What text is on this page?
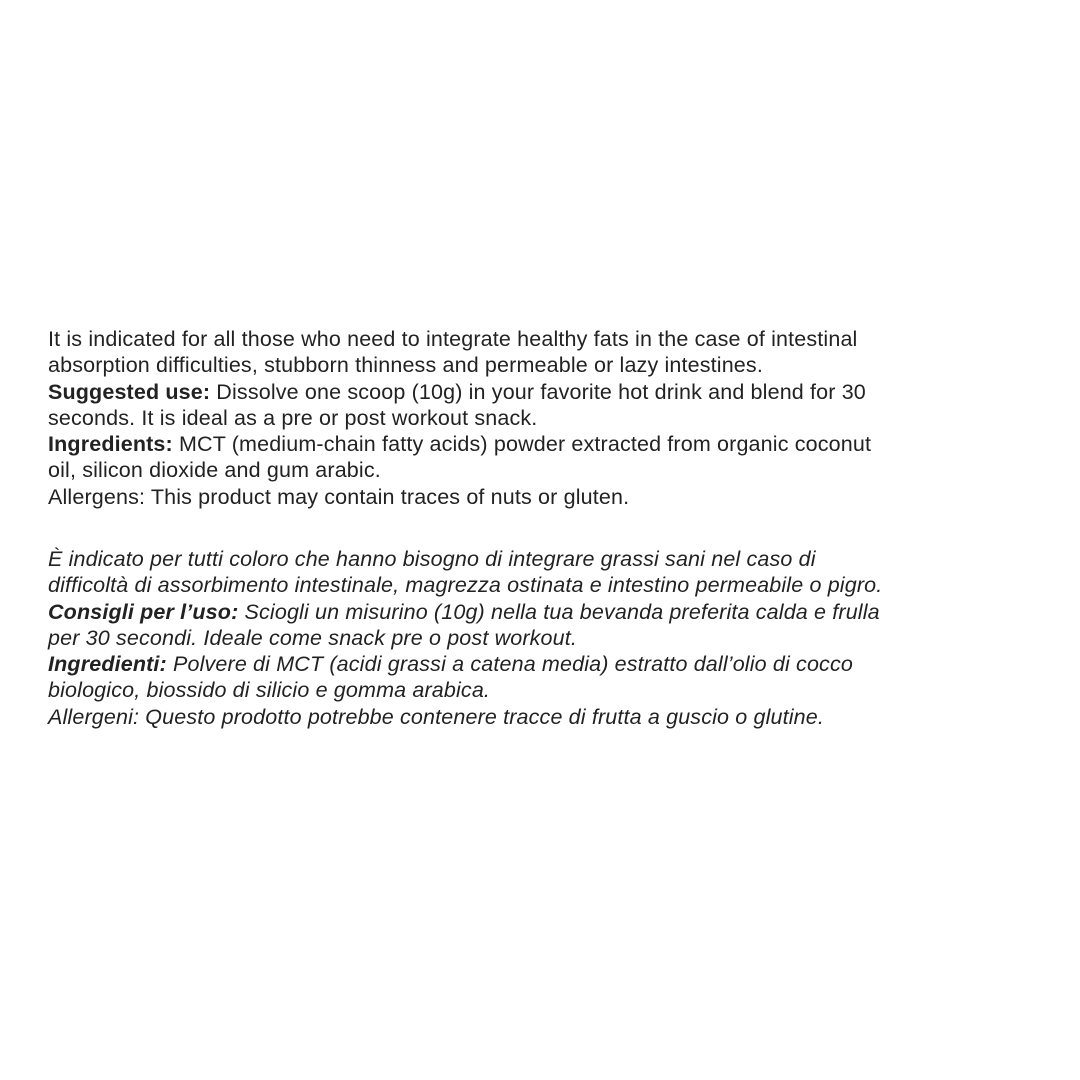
It is indicated for all those who need to integrate healthy fats in the case of intestinal
absorption difficulties, stubborn thinness and permeable or lazy intestines.
Suggested use: Dissolve one scoop (10g) in your favorite hot drink and blend for 30
seconds. It is ideal as a pre or post workout snack.
Ingredients: MCT (medium-chain fatty acids) powder extracted from organic coconut
oil, silicon dioxide and gum arabic.
Allergens: This product may contain traces of nuts or gluten.
È indicato per tutti coloro che hanno bisogno di integrare grassi sani nel caso di
difficoltà di assorbimento intestinale, magrezza ostinata e intestino permeabile o pigro.
Consigli per l’uso: Sciogli un misurino (10g) nella tua bevanda preferita calda e frulla
per 30 secondi. Ideale come snack pre o post workout.
Ingredienti: Polvere di MCT (acidi grassi a catena media) estratto dall’olio di cocco
biologico, biossido di silicio e gomma arabica.
Allergeni: Questo prodotto potrebbe contenere tracce di frutta a guscio o glutine.
